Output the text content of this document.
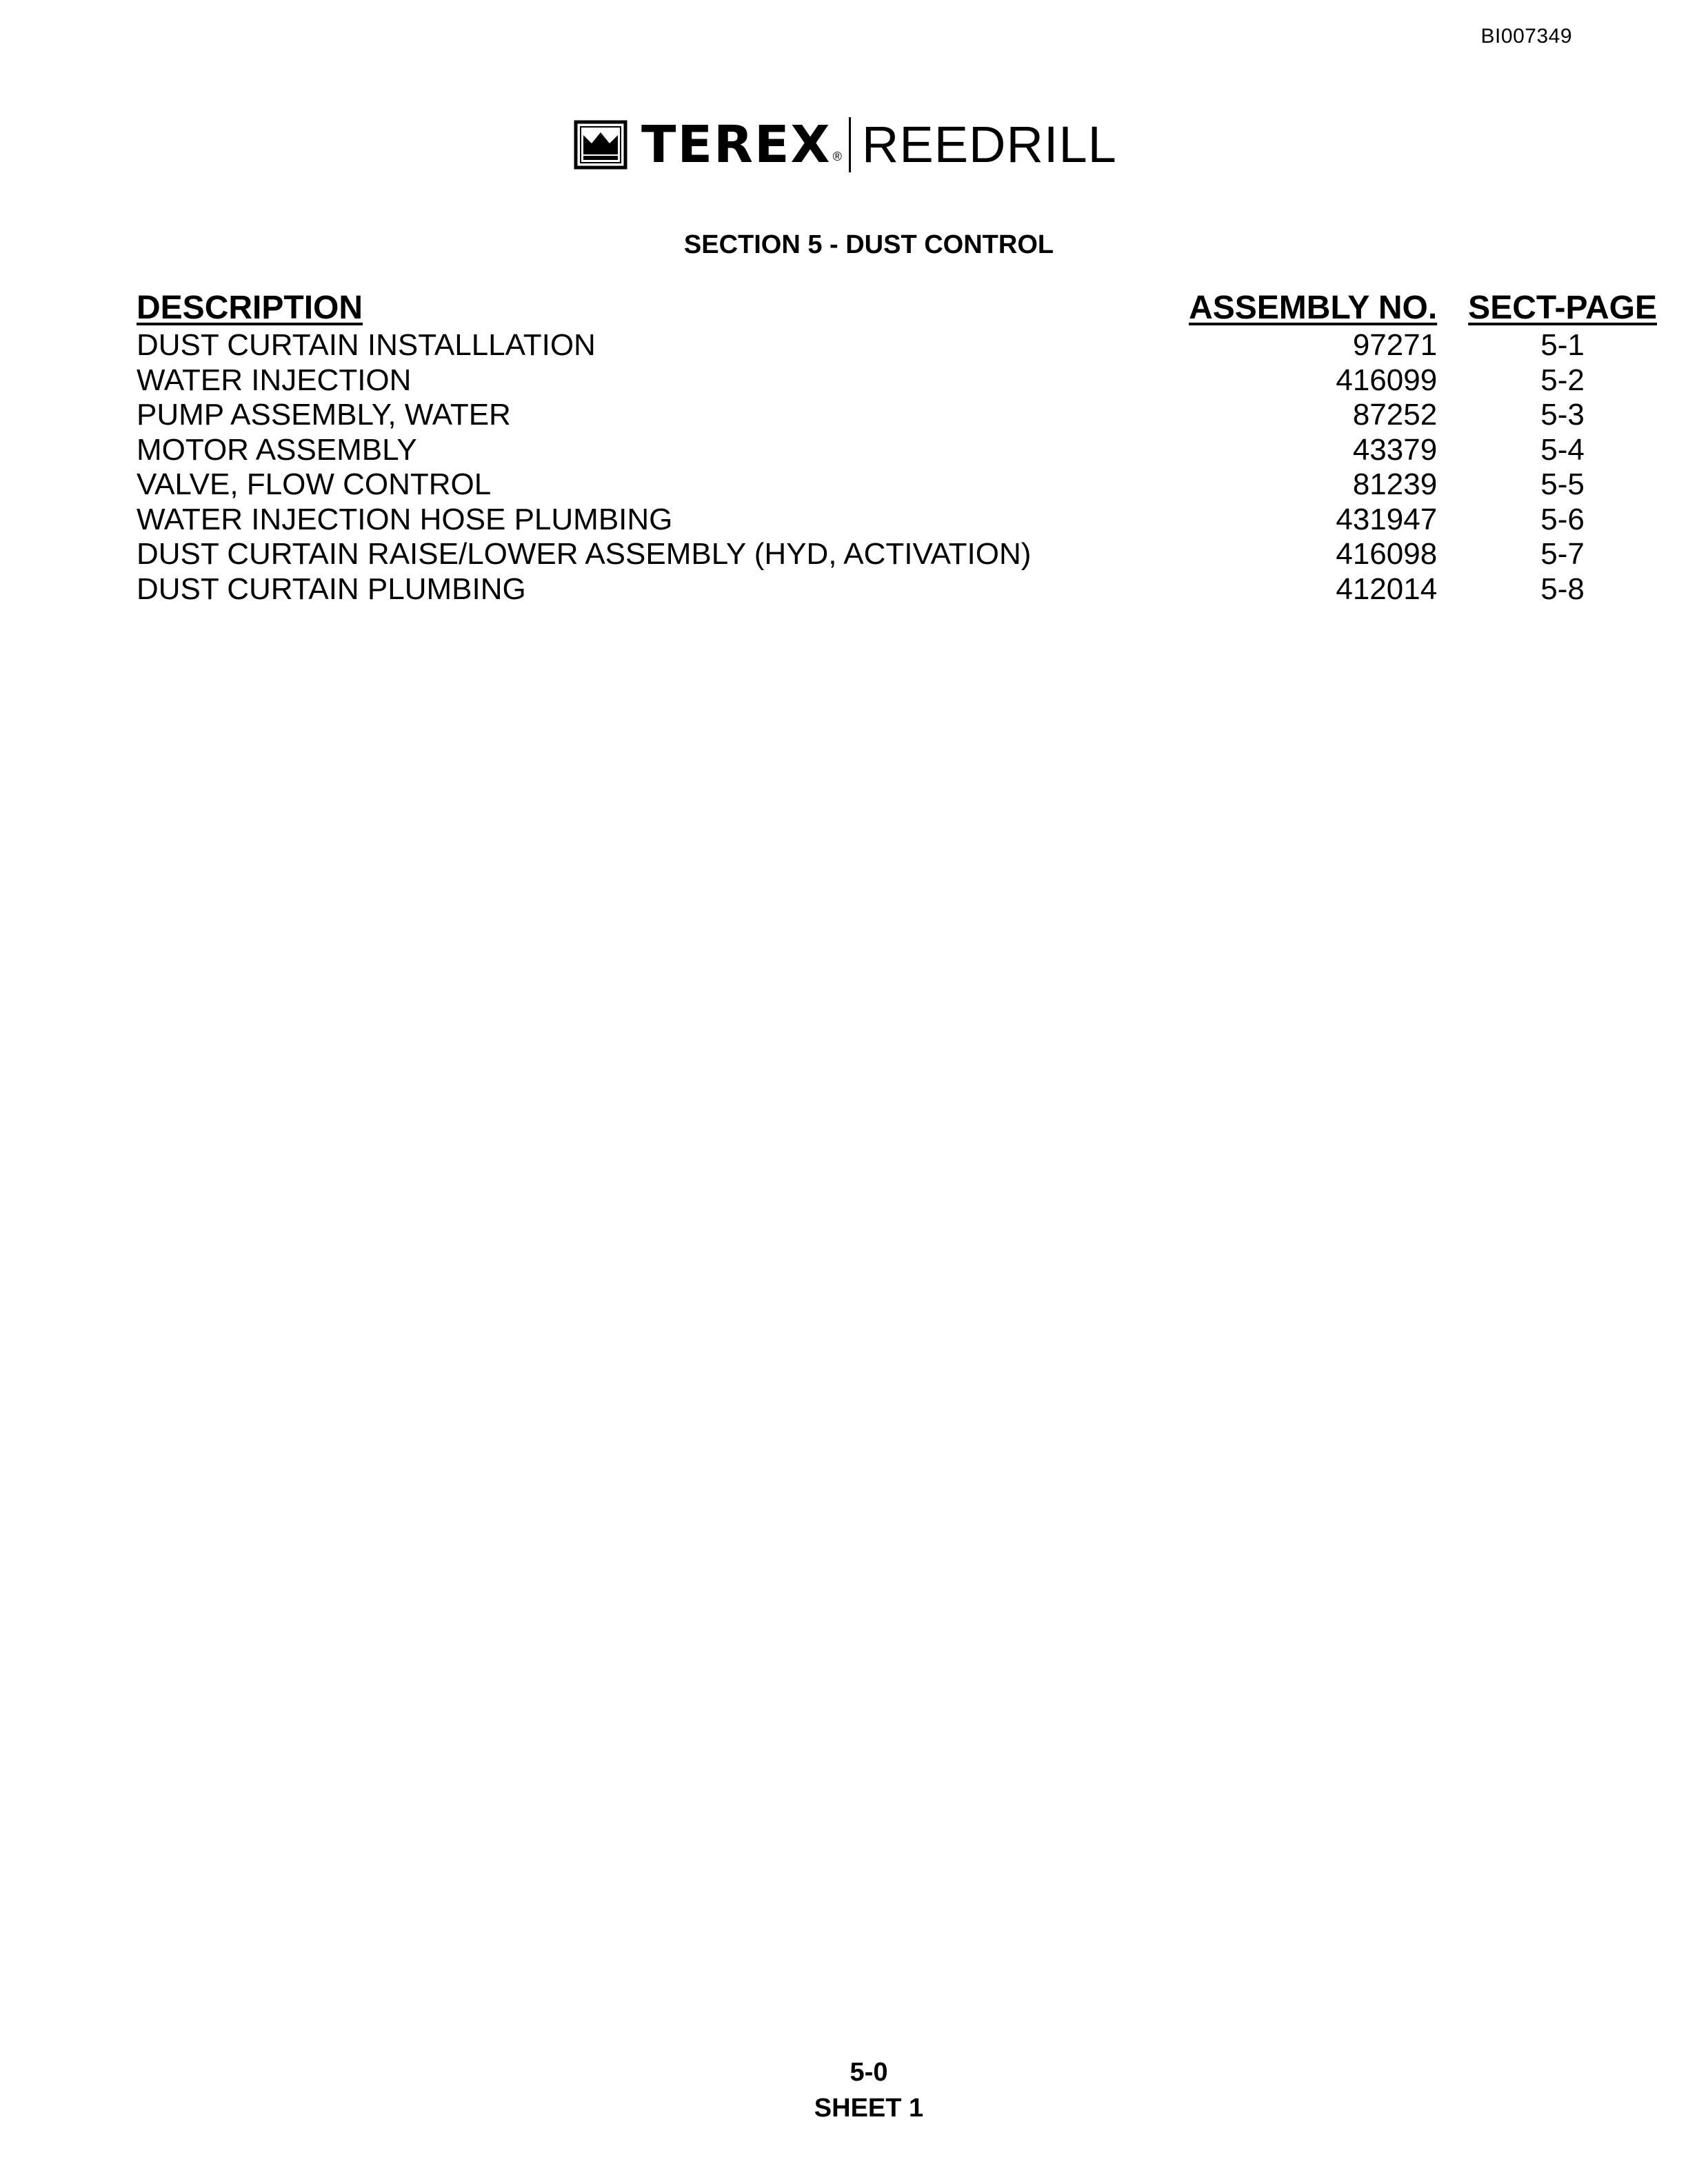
BI007349
TEREX ® REEDRILL
SECTION 5 - DUST CONTROL
DESCRIPTION	ASSEMBLY NO.	SECT-PAGE
DUST CURTAIN INSTALLLATION	97271	5-1
WATER INJECTION	416099	5-2
PUMP ASSEMBLY, WATER	87252	5-3
MOTOR ASSEMBLY	43379	5-4
VALVE, FLOW CONTROL	81239	5-5
WATER INJECTION HOSE PLUMBING	431947	5-6
DUST CURTAIN RAISE/LOWER ASSEMBLY (HYD, ACTIVATION)	416098	5-7
DUST CURTAIN PLUMBING	412014	5-8
5-0
SHEET 1
